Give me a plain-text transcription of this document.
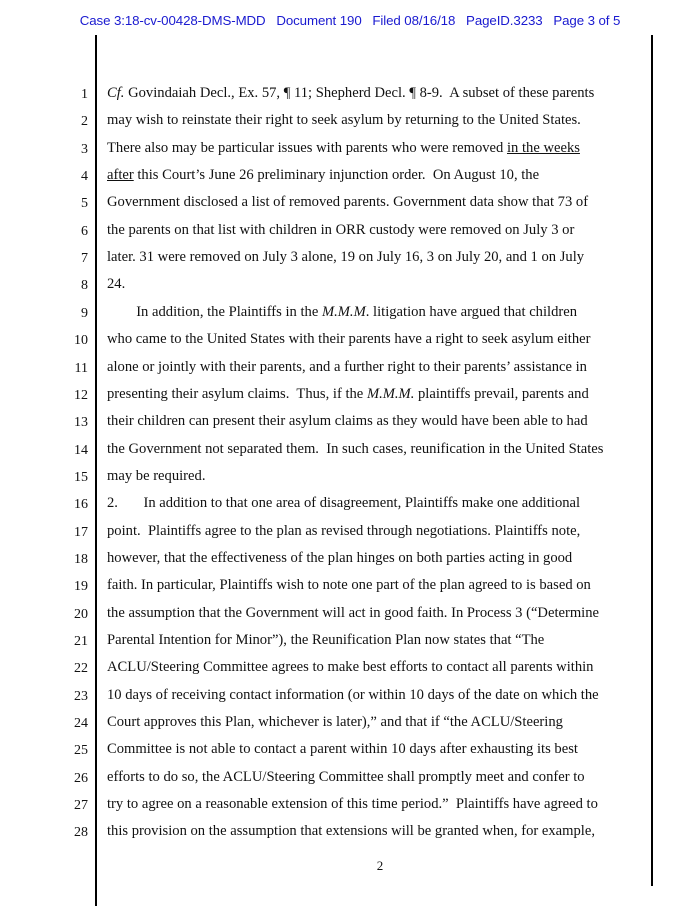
Case 3:18-cv-00428-DMS-MDD   Document 190   Filed 08/16/18   PageID.3233   Page 3 of 5
1 Cf. Govindaiah Decl., Ex. 57, ¶ 11; Shepherd Decl. ¶ 8-9.  A subset of these parents
2 may wish to reinstate their right to seek asylum by returning to the United States.
3 There also may be particular issues with parents who were removed in the weeks
4 after this Court’s June 26 preliminary injunction order.  On August 10, the
5 Government disclosed a list of removed parents. Government data show that 73 of
6 the parents on that list with children in ORR custody were removed on July 3 or
7 later. 31 were removed on July 3 alone, 19 on July 16, 3 on July 20, and 1 on July
8 24.
9 In addition, the Plaintiffs in the M.M.M. litigation have argued that children
10 who came to the United States with their parents have a right to seek asylum either
11 alone or jointly with their parents, and a further right to their parents’ assistance in
12 presenting their asylum claims.  Thus, if the M.M.M. plaintiffs prevail, parents and
13 their children can present their asylum claims as they would have been able to had
14 the Government not separated them.  In such cases, reunification in the United States
15 may be required.
16 2.       In addition to that one area of disagreement, Plaintiffs make one additional
17 point.  Plaintiffs agree to the plan as revised through negotiations. Plaintiffs note,
18 however, that the effectiveness of the plan hinges on both parties acting in good
19 faith. In particular, Plaintiffs wish to note one part of the plan agreed to is based on
20 the assumption that the Government will act in good faith. In Process 3 (“Determine
21 Parental Intention for Minor”), the Reunification Plan now states that “The
22 ACLU/Steering Committee agrees to make best efforts to contact all parents within
23 10 days of receiving contact information (or within 10 days of the date on which the
24 Court approves this Plan, whichever is later),” and that if “the ACLU/Steering
25 Committee is not able to contact a parent within 10 days after exhausting its best
26 efforts to do so, the ACLU/Steering Committee shall promptly meet and confer to
27 try to agree on a reasonable extension of this time period.”  Plaintiffs have agreed to
28 this provision on the assumption that extensions will be granted when, for example,
2
